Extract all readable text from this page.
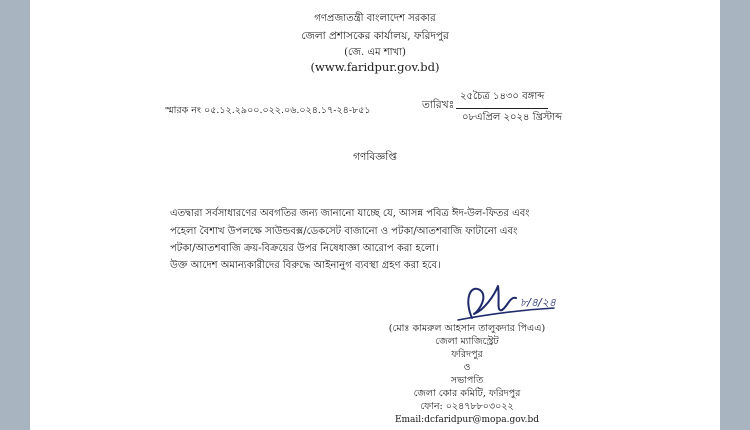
গণপ্রজাতন্ত্রী বাংলাদেশ সরকার
জেলা প্রশাসকের কার্যালয়, ফরিদপুর
(জে. এম শাখা)
(www.faridpur.gov.bd)
স্মারক নং ০৫.১২.২৯০০.০২২.০৬.০২৪.১৭-২৪-৮৫১	তারিখঃ
২৫চৈত্র ১৪৩০ বঙ্গাব্দ
০৮এপ্রিল ২০২৪ খ্রিস্টাব্দ
গণবিজ্ঞপ্তি
এতদ্বারা সর্বসাধারণের অবগতির জন্য জানানো যাচ্ছে যে, আসন্ন পবিত্র ঈদ-উল-ফিতর এবং
পহেলা বৈশাখ উপলক্ষে সাউন্ডবক্স/ডেকসেট বাজানো ও পটকা/আতশবাজি ফাটানো এবং
পটকা/আতশবাজি ক্রয়-বিক্রয়ের উপর নিষেধাজ্ঞা আরোপ করা হলো।
উক্ত আদেশ অমান্যকারীদের বিরুদ্ধে আইনানুগ ব্যবস্থা গ্রহণ করা হবে।
৮/৪/২৪
(মোঃ কামরুল আহসান তালুকদার পিএএ)
জেলা ম্যাজিস্ট্রেট
ফরিদপুর
ও
সভাপতি
জেলা কোর কমিটি, ফরিদপুর
ফোন: ০২৪৭৮৮০৩০২২
Email:dcfaridpur@mopa.gov.bd
